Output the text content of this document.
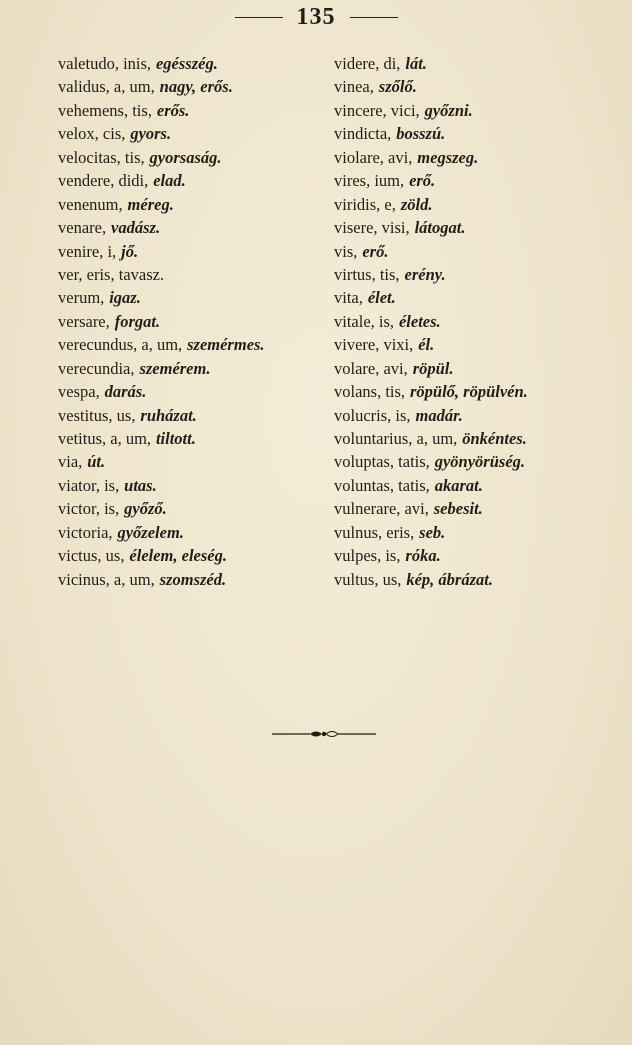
135
valetudo, inis, egésszég.
validus, a, um, nagy, erős.
vehemens, tis, erős.
velox, cis, gyors.
velocitas, tis, gyorsaság.
vendere, didi, elad.
venenum, méreg.
venare, vadász.
venire, i, jő.
ver, eris, tavasz.
verum, igaz.
versare, forgat.
verecundus, a, um, szemérmes.
verecundia, szemérem.
vespa, darás.
vestitus, us, ruházat.
vetitus, a, um, tiltott.
via, út.
viator, is, utas.
victor, is, győző.
victoria, győzelem.
victus, us, élelem, eleség.
vicinus, a, um, szomszéd.
videre, di, lát.
vinea, szőlő.
vincere, vici, győzni.
vindicta, bosszú.
violare, avi, megszeg.
vires, ium, erő.
viridis, e, zöld.
visere, visi, látogat.
vis, erő.
virtus, tis, erény.
vita, élet.
vitale, is, életes.
vivere, vixi, él.
volare, avi, röpül.
volans, tis, röpülő, röpülvén.
volucris, is, madár.
voluntarius, a, um, önkéntes.
voluptas, tatis, gyönyörüség.
voluntas, tatis, akarat.
vulnerare, avi, sebesit.
vulnus, eris, seb.
vulpes, is, róka.
vultus, us, kép, ábrázat.
